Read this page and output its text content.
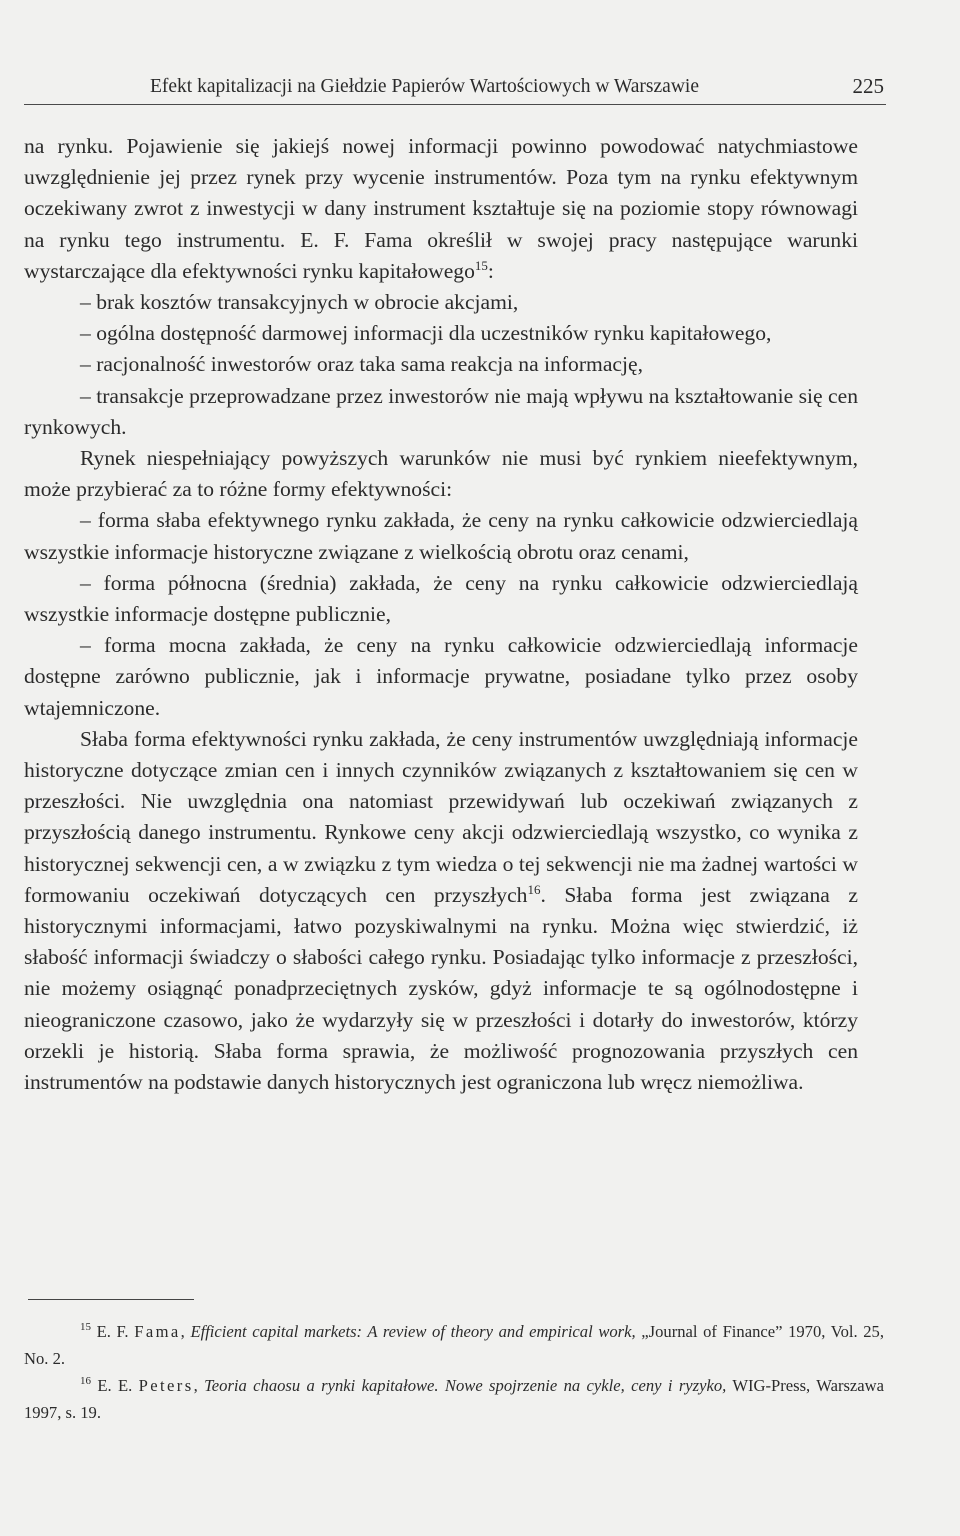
Efekt kapitalizacji na Giełdzie Papierów Wartościowych w Warszawie	225

na rynku. Pojawienie się jakiejś nowej informacji powinno powodować natychmiastowe uwzględnienie jej przez rynek przy wycenie instrumentów. Poza tym na rynku efektywnym oczekiwany zwrot z inwestycji w dany instrument kształtuje się na poziomie stopy równowagi na rynku tego instrumentu. E. F. Fama określił w swojej pracy następujące warunki wystarczające dla efektywności rynku kapitałowego$^{15}$:

– brak kosztów transakcyjnych w obrocie akcjami,

– ogólna dostępność darmowej informacji dla uczestników rynku kapitałowego,

– racjonalność inwestorów oraz taka sama reakcja na informację,

– transakcje przeprowadzane przez inwestorów nie mają wpływu na kształtowanie się cen rynkowych.

Rynek niespełniający powyższych warunków nie musi być rynkiem nieefektywnym, może przybierać za to różne formy efektywności:

– forma słaba efektywnego rynku zakłada, że ceny na rynku całkowicie odzwierciedlają wszystkie informacje historyczne związane z wielkością obrotu oraz cenami,

– forma północna (średnia) zakłada, że ceny na rynku całkowicie odzwierciedlają wszystkie informacje dostępne publicznie,

– forma mocna zakłada, że ceny na rynku całkowicie odzwierciedlają informacje dostępne zarówno publicznie, jak i informacje prywatne, posiadane tylko przez osoby wtajemniczone.

Słaba forma efektywności rynku zakłada, że ceny instrumentów uwzględniają informacje historyczne dotyczące zmian cen i innych czynników związanych z kształtowaniem się cen w przeszłości. Nie uwzględnia ona natomiast przewidywań lub oczekiwań związanych z przyszłością danego instrumentu. Rynkowe ceny akcji odzwierciedlają wszystko, co wynika z historycznej sekwencji cen, a w związku z tym wiedza o tej sekwencji nie ma żadnej wartości w formowaniu oczekiwań dotyczących cen przyszłych$^{16}$. Słaba forma jest związana z historycznymi informacjami, łatwo pozyskiwalnymi na rynku. Można więc stwierdzić, iż słabość informacji świadczy o słabości całego rynku. Posiadając tylko informacje z przeszłości, nie możemy osiągnąć ponadprzeciętnych zysków, gdyż informacje te są ogólnodostępne i nieograniczone czasowo, jako że wydarzyły się w przeszłości i dotarły do inwestorów, którzy orzekli je historią. Słaba forma sprawia, że możliwość prognozowania przyszłych cen instrumentów na podstawie danych historycznych jest ograniczona lub wręcz niemożliwa.

$^{15}$ E. F. Fama, Efficient capital markets: A review of theory and empirical work, „Journal of Finance” 1970, Vol. 25, No. 2.

$^{16}$ E. E. Peters, Teoria chaosu a rynki kapitałowe. Nowe spojrzenie na cykle, ceny i ryzyko, WIG-Press, Warszawa 1997, s. 19.
